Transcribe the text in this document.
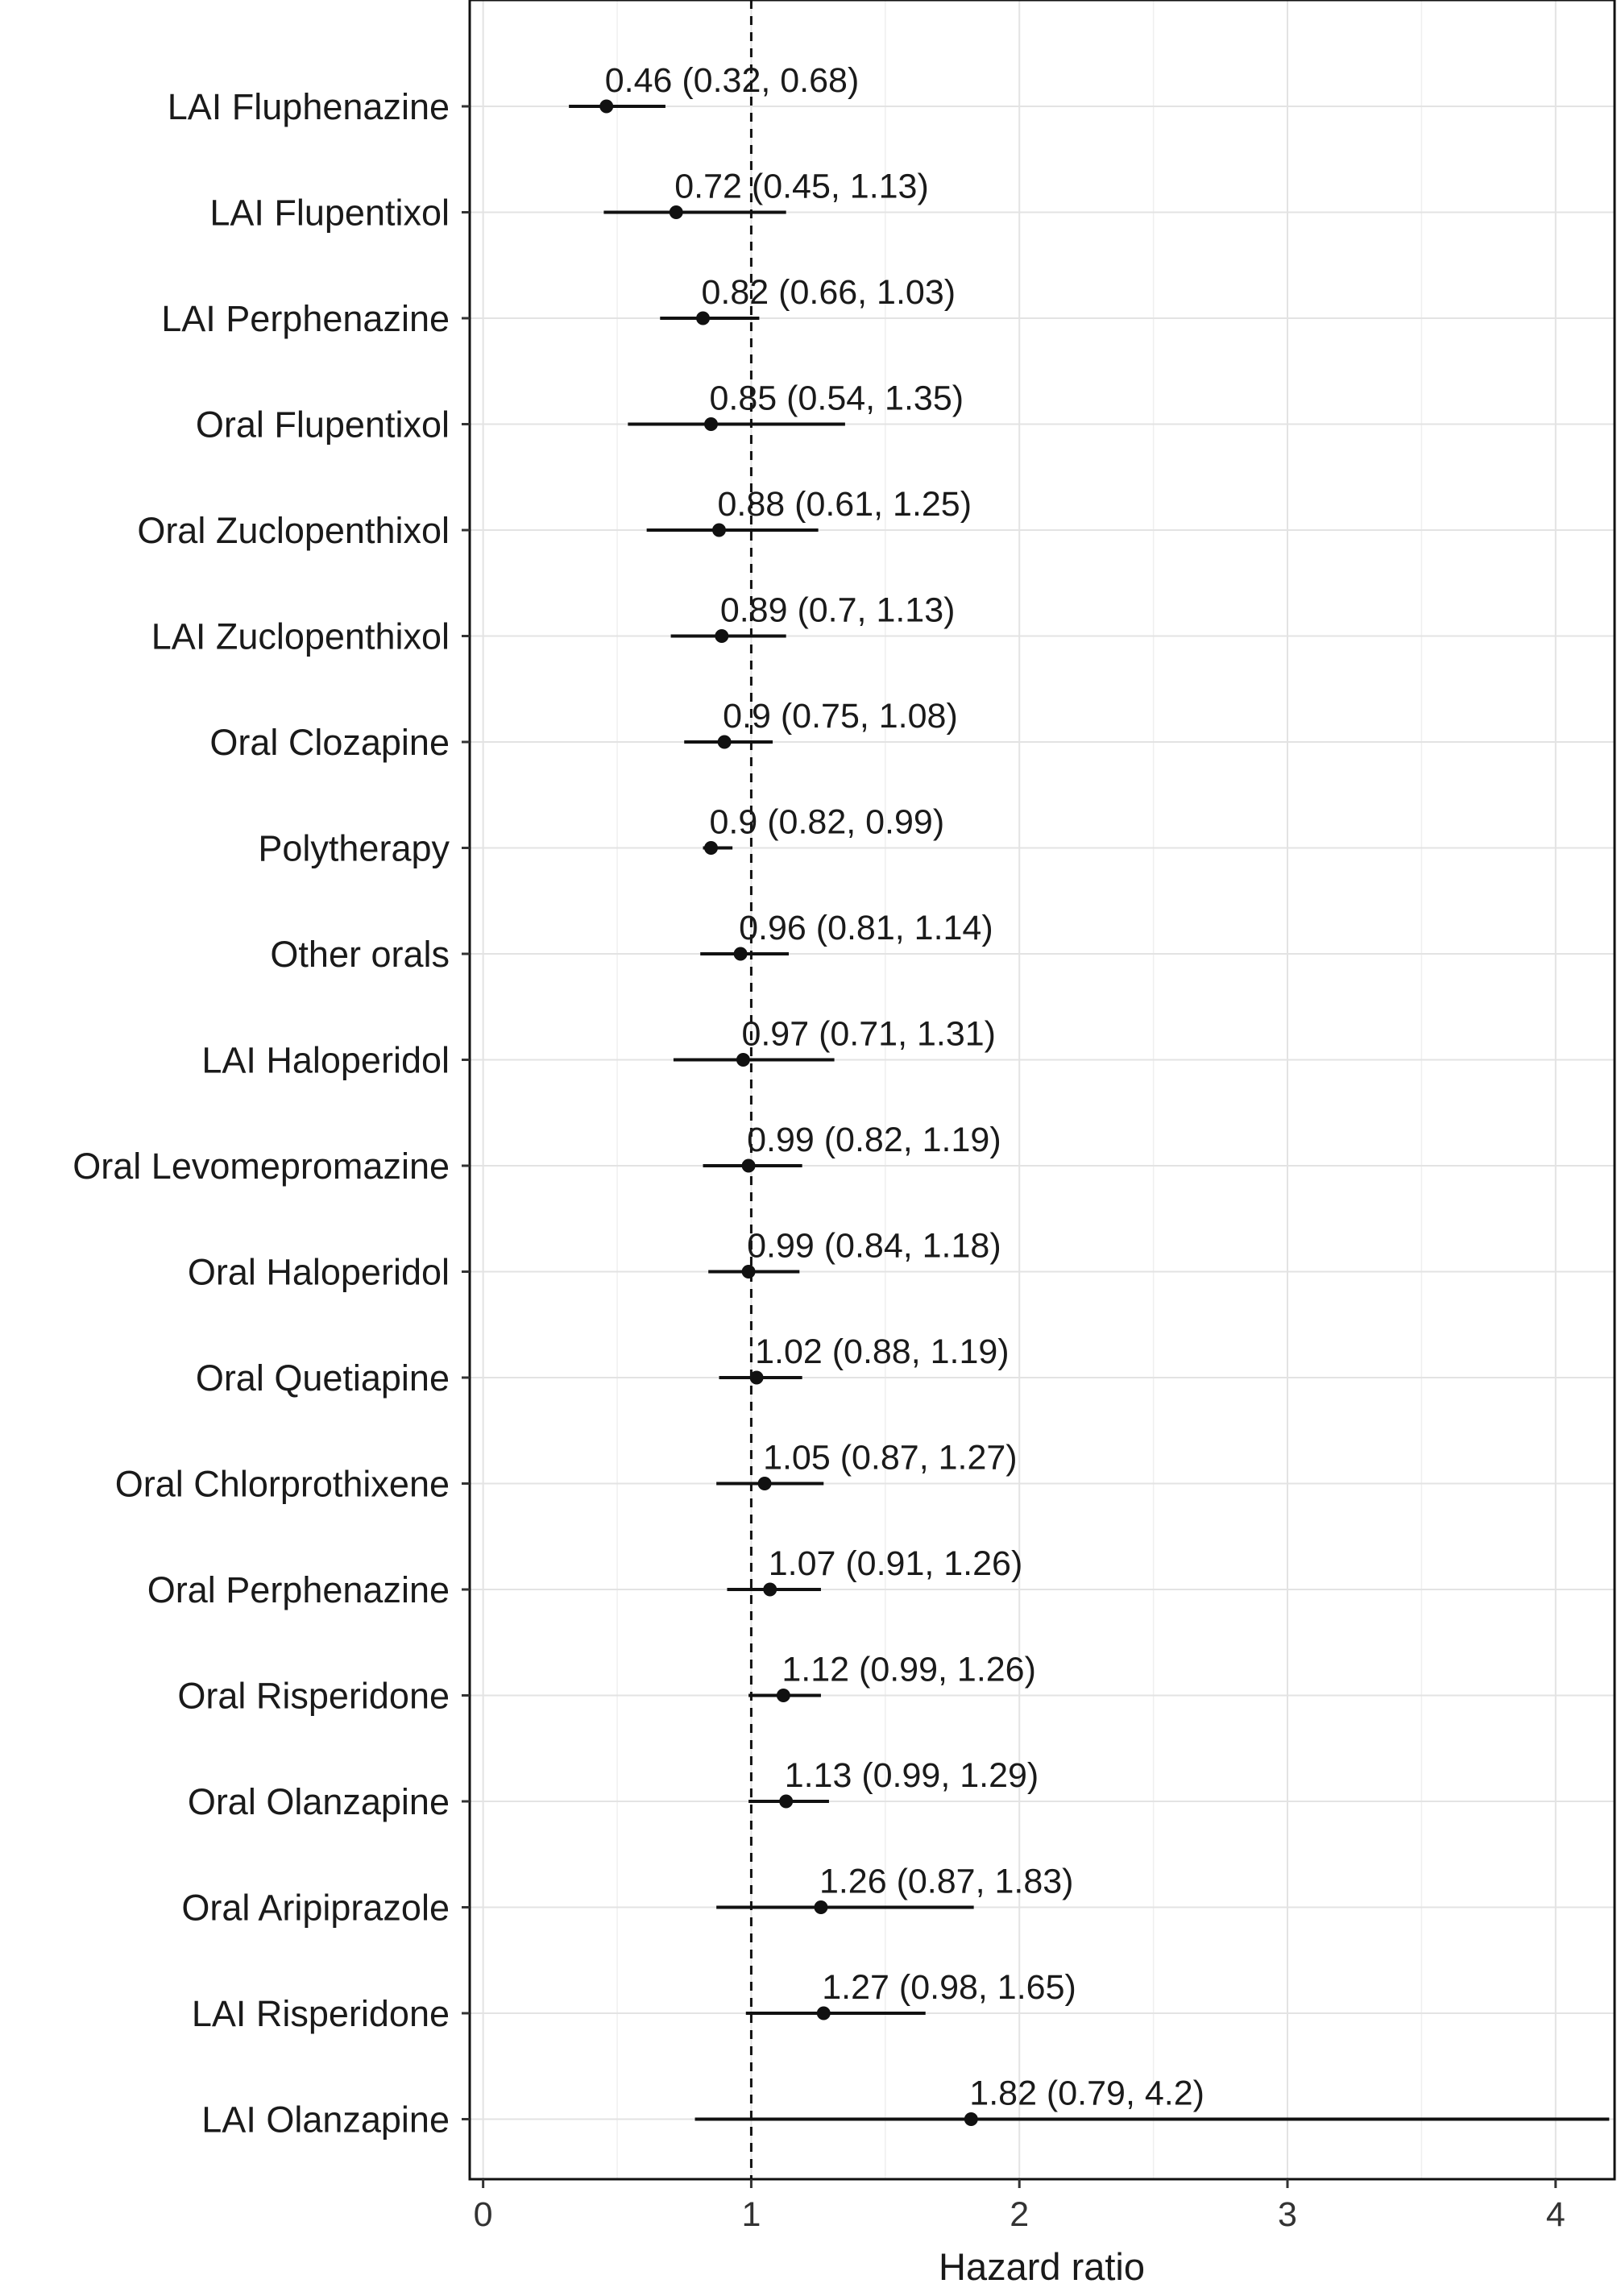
0.46 (0.32, 0.68)
0.72 (0.45, 1.13)
0.82 (0.66, 1.03)
0.85 (0.54, 1.35)
0.88 (0.61, 1.25)
0.89 (0.7, 1.13)
0.9 (0.75, 1.08)
0.9 (0.82, 0.99)
0.96 (0.81, 1.14)
0.97 (0.71, 1.31)
0.99 (0.82, 1.19)
0.99 (0.84, 1.18)
1.02 (0.88, 1.19)
1.05 (0.87, 1.27)
1.07 (0.91, 1.26)
1.12 (0.99, 1.26)
1.13 (0.99, 1.29)
1.26 (0.87, 1.83)
1.27 (0.98, 1.65)
1.82 (0.79, 4.2)
LAI Fluphenazine
LAI Flupentixol
LAI Perphenazine
Oral Flupentixol
Oral Zuclopenthixol
LAI Zuclopenthixol
Oral Clozapine
Polytherapy
Other orals
LAI Haloperidol
Oral Levomepromazine
Oral Haloperidol
Oral Quetiapine
Oral Chlorprothixene
Oral Perphenazine
Oral Risperidone
Oral Olanzapine
Oral Aripiprazole
LAI Risperidone
LAI Olanzapine
0	1	2	3	4
Hazard ratio
